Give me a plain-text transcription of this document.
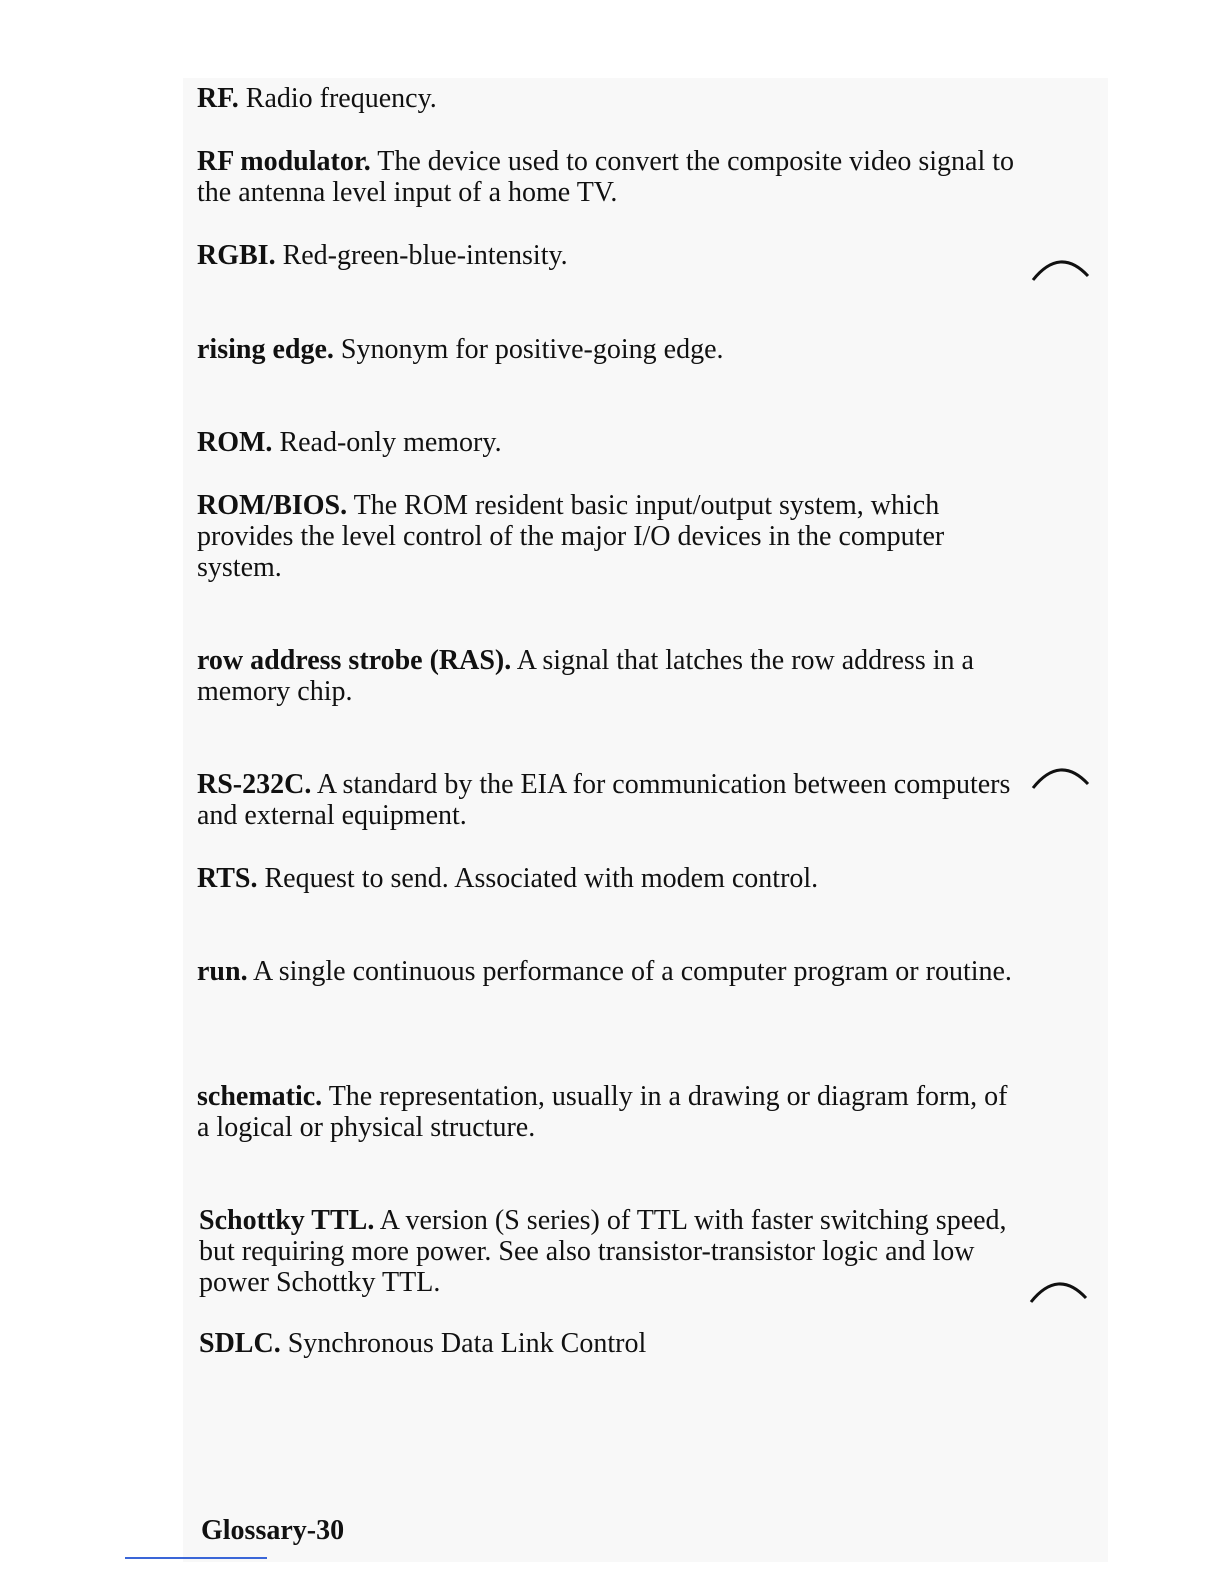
RF. Radio frequency.
RF modulator. The device used to convert the composite video signal to the antenna level input of a home TV.
RGBI. Red-green-blue-intensity.
rising edge. Synonym for positive-going edge.
ROM. Read-only memory.
ROM/BIOS. The ROM resident basic input/output system, which provides the level control of the major I/O devices in the computer system.
row address strobe (RAS). A signal that latches the row address in a memory chip.
RS-232C. A standard by the EIA for communication between computers and external equipment.
RTS. Request to send. Associated with modem control.
run. A single continuous performance of a computer program or routine.
schematic. The representation, usually in a drawing or diagram form, of a logical or physical structure.
Schottky TTL. A version (S series) of TTL with faster switching speed, but requiring more power. See also transistor-transistor logic and low power Schottky TTL.
SDLC. Synchronous Data Link Control
Glossary-30
